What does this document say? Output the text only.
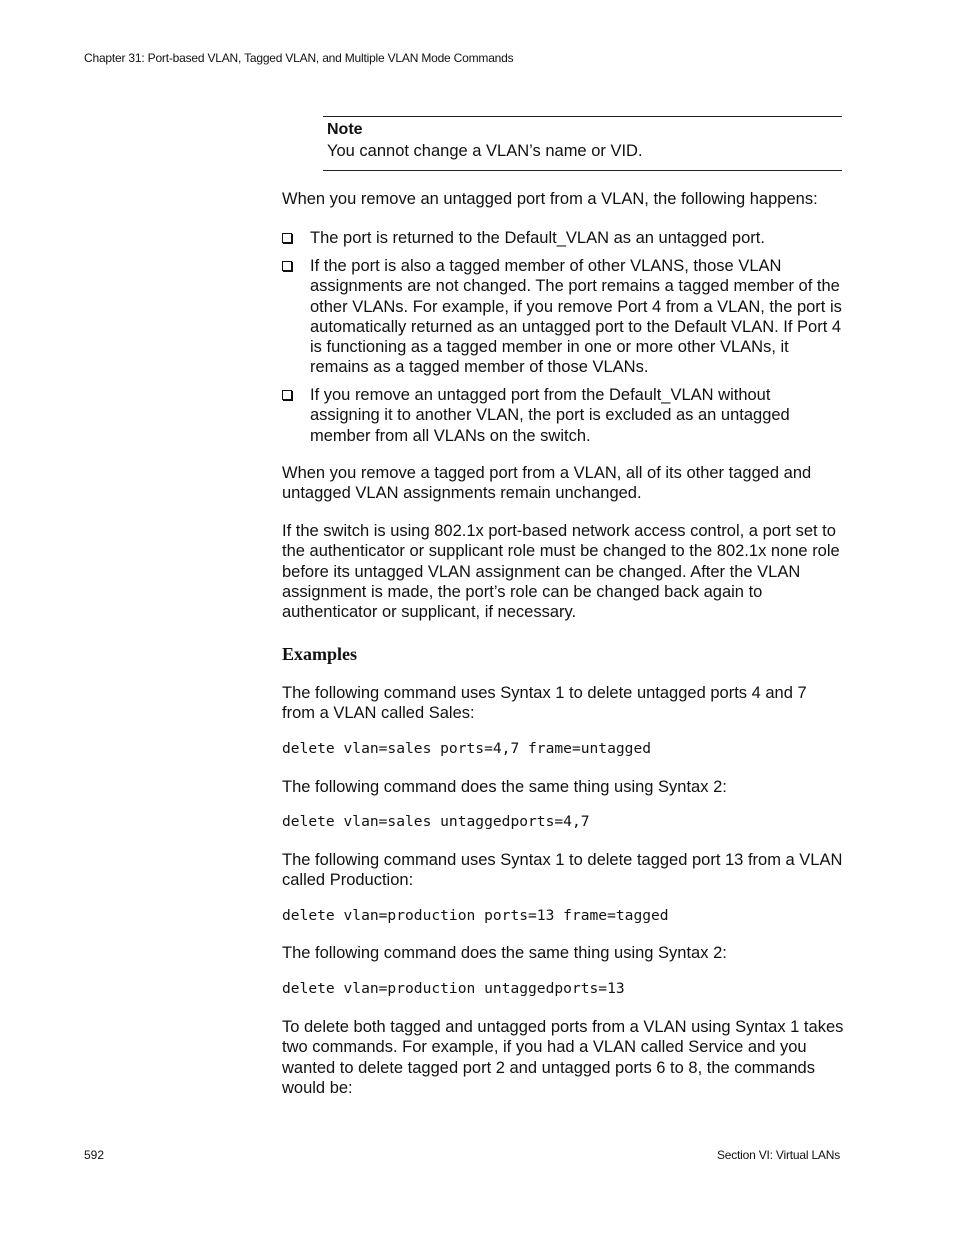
Chapter 31: Port-based VLAN, Tagged VLAN, and Multiple VLAN Mode Commands
Note
You cannot change a VLAN’s name or VID.
When you remove an untagged port from a VLAN, the following happens:
The port is returned to the Default_VLAN as an untagged port.
If the port is also a tagged member of other VLANS, those VLAN assignments are not changed. The port remains a tagged member of the other VLANs. For example, if you remove Port 4 from a VLAN, the port is automatically returned as an untagged port to the Default VLAN. If Port 4 is functioning as a tagged member in one or more other VLANs, it remains as a tagged member of those VLANs.
If you remove an untagged port from the Default_VLAN without assigning it to another VLAN, the port is excluded as an untagged member from all VLANs on the switch.
When you remove a tagged port from a VLAN, all of its other tagged and untagged VLAN assignments remain unchanged.
If the switch is using 802.1x port-based network access control, a port set to the authenticator or supplicant role must be changed to the 802.1x none role before its untagged VLAN assignment can be changed. After the VLAN assignment is made, the port’s role can be changed back again to authenticator or supplicant, if necessary.
Examples
The following command uses Syntax 1 to delete untagged ports 4 and 7 from a VLAN called Sales:
delete vlan=sales ports=4,7 frame=untagged
The following command does the same thing using Syntax 2:
delete vlan=sales untaggedports=4,7
The following command uses Syntax 1 to delete tagged port 13 from a VLAN called Production:
delete vlan=production ports=13 frame=tagged
The following command does the same thing using Syntax 2:
delete vlan=production untaggedports=13
To delete both tagged and untagged ports from a VLAN using Syntax 1 takes two commands. For example, if you had a VLAN called Service and you wanted to delete tagged port 2 and untagged ports 6 to 8, the commands would be:
592	Section VI: Virtual LANs
